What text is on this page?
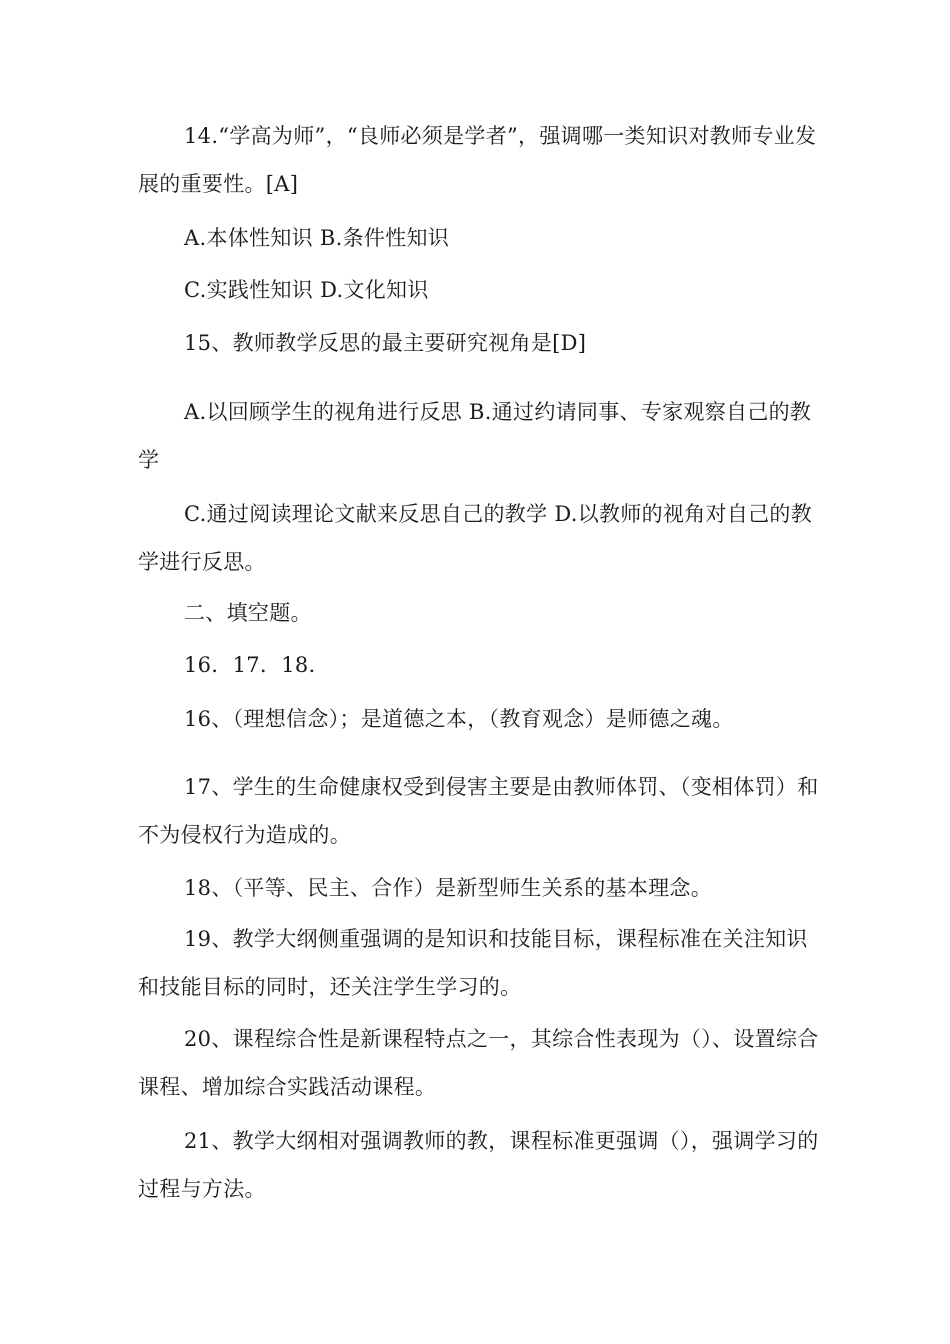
14.“学高为师”，“良师必须是学者”，强调哪一类知识对教师专业发展的重要性。[A]

A.本体性知识 B.条件性知识

C.实践性知识 D.文化知识

15、教师教学反思的最主要研究视角是[D]

A.以回顾学生的视角进行反思 B.通过约请同事、专家观察自己的教学

C.通过阅读理论文献来反思自己的教学 D.以教师的视角对自己的教学进行反思。

二、填空题。

16．17．18．

16、（理想信念）；是道德之本，（教育观念）是师德之魂。

17、学生的生命健康权受到侵害主要是由教师体罚、（变相体罚）和不为侵权行为造成的。

18、（平等、民主、合作）是新型师生关系的基本理念。

19、教学大纲侧重强调的是知识和技能目标，课程标准在关注知识和技能目标的同时，还关注学生学习的。

20、课程综合性是新课程特点之一，其综合性表现为（）、设置综合课程、增加综合实践活动课程。

21、教学大纲相对强调教师的教，课程标准更强调（），强调学习的过程与方法。
